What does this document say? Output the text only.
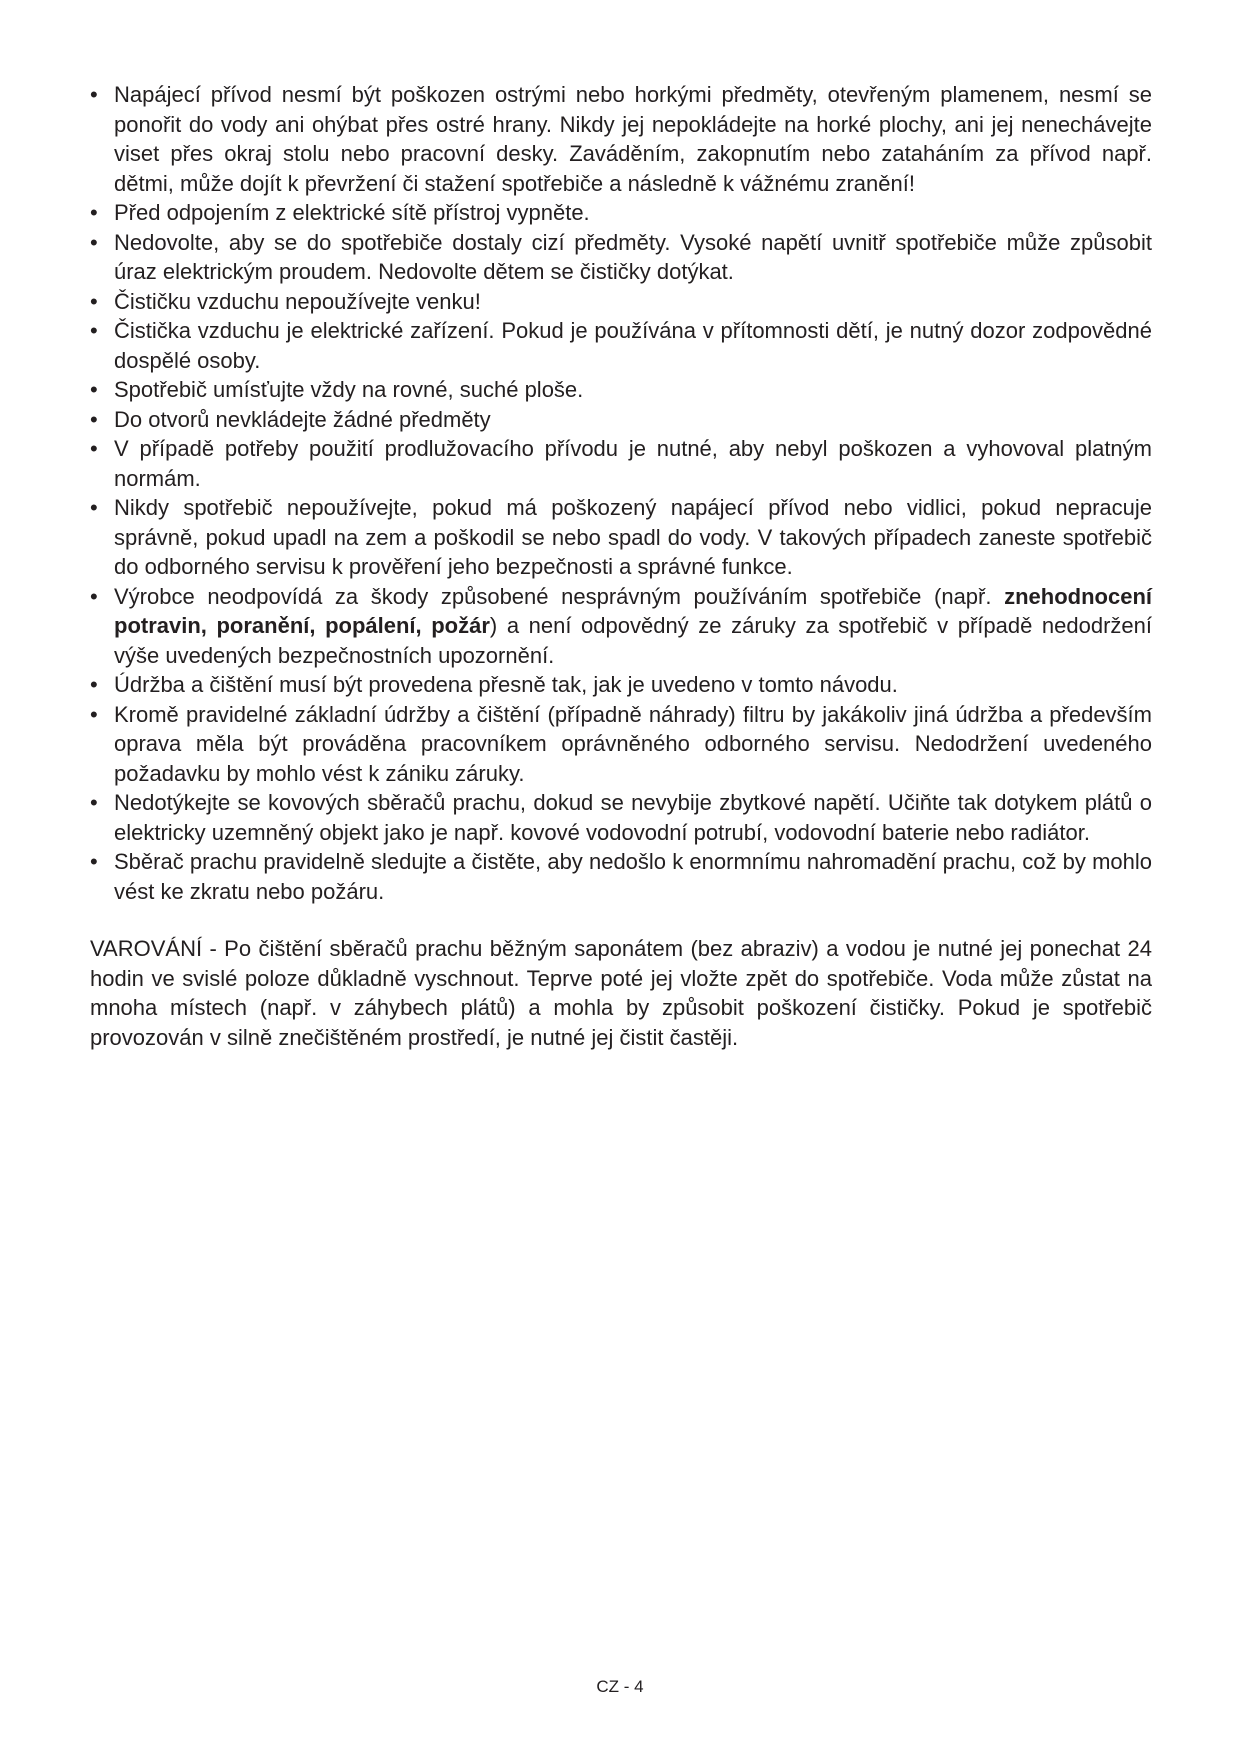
• Napájecí přívod nesmí být poškozen ostrými nebo horkými předměty, otevřeným plamenem, nesmí se ponořit do vody ani ohýbat přes ostré hrany. Nikdy jej nepokládejte na horké plochy, ani jej nenechávejte viset přes okraj stolu nebo pracovní desky. Zaváděním, zakopnutím nebo zataháním za přívod např. dětmi, může dojít k převržení či stažení spotřebiče a následně k vážnému zranění!
• Před odpojením z elektrické sítě přístroj vypněte.
• Nedovolte, aby se do spotřebiče dostaly cizí předměty. Vysoké napětí uvnitř spotřebiče může způsobit úraz elektrickým proudem. Nedovolte dětem se čističky dotýkat.
• Čističku vzduchu nepoužívejte venku!
• Čistička vzduchu je elektrické zařízení. Pokud je používána v přítomnosti dětí, je nutný dozor zodpovědné dospělé osoby.
• Spotřebič umísťujte vždy na rovné, suché ploše.
• Do otvorů nevkládejte žádné předměty
• V případě potřeby použití prodlužovacího přívodu je nutné, aby nebyl poškozen a vyhovoval platným normám.
• Nikdy spotřebič nepoužívejte, pokud má poškozený napájecí přívod nebo vidlici, pokud nepracuje správně, pokud upadl na zem a poškodil se nebo spadl do vody. V takových případech zaneste spotřebič do odborného servisu k prověření jeho bezpečnosti a správné funkce.
• Výrobce neodpovídá za škody způsobené nesprávným používáním spotřebiče (např. znehodnocení potravin, poranění, popálení, požár) a není odpovědný ze záruky za spotřebič v případě nedodržení výše uvedených bezpečnostních upozornění.
• Údržba a čištění musí být provedena přesně tak, jak je uvedeno v tomto návodu.
• Kromě pravidelné základní údržby a čištění (případně náhrady) filtru by jakákoliv jiná údržba a především oprava měla být prováděna pracovníkem oprávněného odborného servisu. Nedodržení uvedeného požadavku by mohlo vést k zániku záruky.
• Nedotýkejte se kovových sběračů prachu, dokud se nevybije zbytkové napětí. Učiňte tak dotykem plátů o elektricky uzemněný objekt jako je např. kovové vodovodní potrubí, vodovodní baterie nebo radiátor.
• Sběrač prachu pravidelně sledujte a čistěte, aby nedošlo k enormnímu nahromadění prachu, což by mohlo vést ke zkratu nebo požáru.

VAROVÁNÍ - Po čištění sběračů prachu běžným saponátem (bez abraziv) a vodou je nutné jej ponechat 24 hodin ve svislé poloze důkladně vyschnout. Teprve poté jej vložte zpět do spotřebiče. Voda může zůstat na mnoha místech (např. v záhybech plátů) a mohla by způsobit poškození čističky. Pokud je spotřebič provozován v silně znečištěném prostředí, je nutné jej čistit častěji.

CZ - 4
